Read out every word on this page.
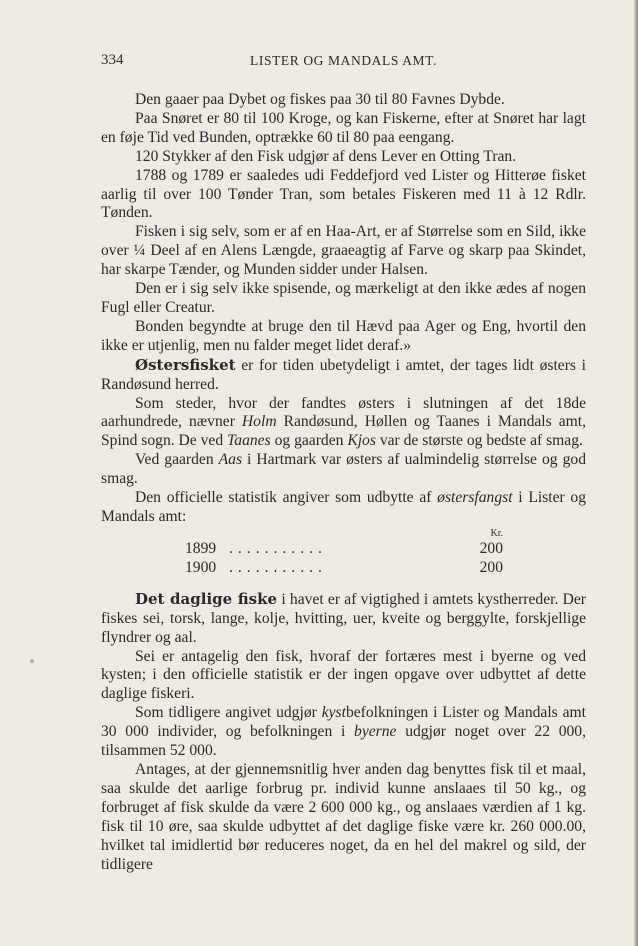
334	LISTER OG MANDALS AMT.

Den gaaer paa Dybet og fiskes paa 30 til 80 Favnes Dybde.

Paa Snøret er 80 til 100 Kroge, og kan Fiskerne, efter at Snøret har lagt en føje Tid ved Bunden, optrække 60 til 80 paa eengang.

120 Stykker af den Fisk udgjør af dens Lever en Otting Tran.

1788 og 1789 er saaledes udi Feddefjord ved Lister og Hitterøe fisket aarlig til over 100 Tønder Tran, som betales Fiskeren med 11 à 12 Rdlr. Tønden.

Fisken i sig selv, som er af en Haa-Art, er af Størrelse som en Sild, ikke over ¼ Deel af en Alens Længde, graaeagtig af Farve og skarp paa Skindet, har skarpe Tænder, og Munden sidder under Halsen.

Den er i sig selv ikke spisende, og mærkeligt at den ikke ædes af nogen Fugl eller Creatur.

Bonden begyndte at bruge den til Hævd paa Ager og Eng, hvortil den ikke er utjenlig, men nu falder meget lidet deraf.»

Østersfisket er for tiden ubetydeligt i amtet, der tages lidt østers i Randøsund herred.

Som steder, hvor der fandtes østers i slutningen af det 18de aarhundrede, nævner Holm Randøsund, Høllen og Taanes i Mandals amt, Spind sogn. De ved Taanes og gaarden Kjos var de største og bedste af smag.

Ved gaarden Aas i Hartmark var østers af ualmindelig størrelse og god smag.

Den officielle statistik angiver som udbytte af østersfangst i Lister og Mandals amt:

Kr.
1899 ...........	200
1900 ...........	200

Det daglige fiske i havet er af vigtighed i amtets kystherreder. Der fiskes sei, torsk, lange, kolje, hvitting, uer, kveite og berggylte, forskjellige flyndrer og aal.

Sei er antagelig den fisk, hvoraf der fortæres mest i byerne og ved kysten; i den officielle statistik er der ingen opgave over udbyttet af dette daglige fiskeri.

Som tidligere angivet udgjør kystbefolkningen i Lister og Mandals amt 30 000 individer, og befolkningen i byerne udgjør noget over 22 000, tilsammen 52 000.

Antages, at der gjennemsnitlig hver anden dag benyttes fisk til et maal, saa skulde det aarlige forbrug pr. individ kunne anslaaes til 50 kg., og forbruget af fisk skulde da være 2 600 000 kg., og anslaaes værdien af 1 kg. fisk til 10 øre, saa skulde udbyttet af det daglige fiske være kr. 260 000.00, hvilket tal imidlertid bør reduceres noget, da en hel del makrel og sild, der tidligere
